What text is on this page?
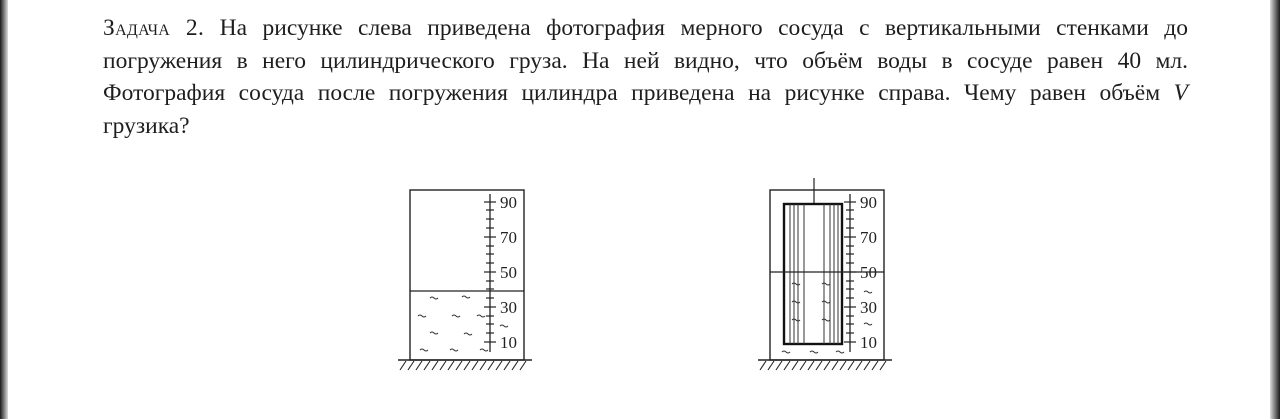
Задача 2. На рисунке слева приведена фотография мерного сосуда с вертикальными стенками до погружения в него цилиндрического груза. На ней видно, что объём воды в сосуде равен 40 мл. Фотография сосуда после погружения цилиндра приведена на рисунке справа. Чему равен объём V грузика?

90
70
50
30
10
90
70
50
30
10
